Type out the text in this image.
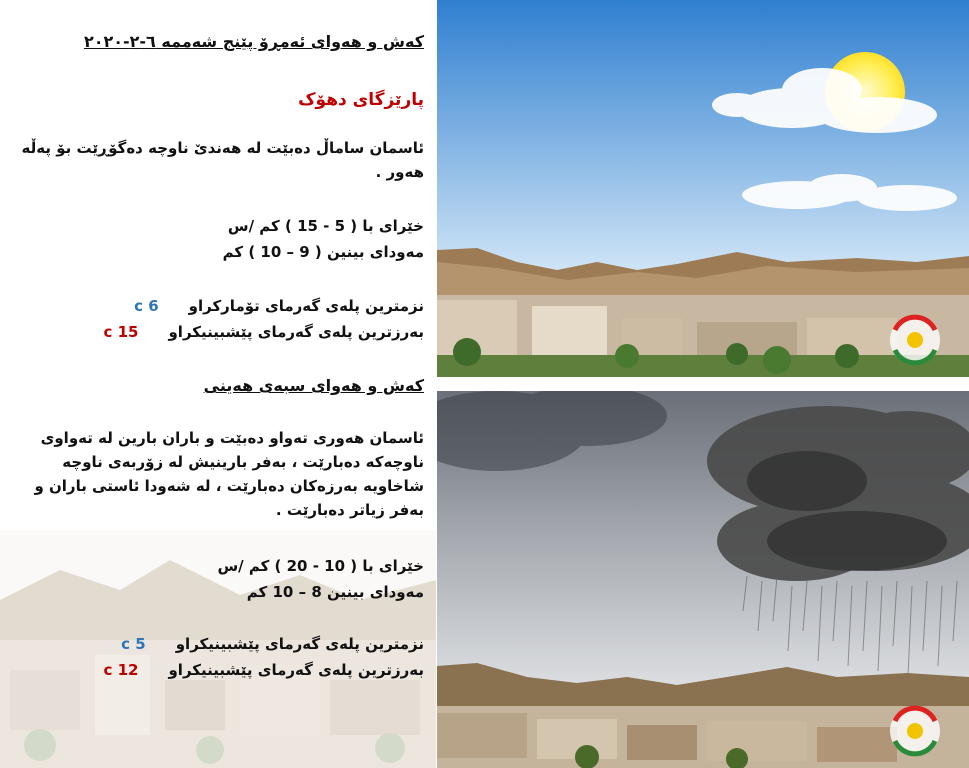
کەش و هەوای ئەمڕۆ پێنج شەممە ٦-٢-٢٠٢٠
پارێزگای دهۆک
ئاسمان ساماڵ دەبێت لە هەندێ ناوچە دەگۆڕێت بۆ پەڵە هەور .
خێرای با ( 5 - 15 ) کم /س
مەودای بینین ( 9 – 10 ) کم
نزمترین پلەی گەرمای تۆمارکراو
6 c
بەرزترین پلەی گەرمای پێشبینیکراو
15 c
کەش و هەوای سبەی هەینی
ئاسمان هەوری تەواو دەبێت و باران بارین لە تەواوی ناوچەکە دەبارێت ، بەفر بارینیش لە زۆربەی ناوچە شاخاویە بەرزەکان دەبارێت ، لە شەودا ئاستی باران و بەفر زیاتر دەبارێت .
خێرای با ( 10 - 20 ) کم /س
مەودای بینین 8 – 10 کم
نزمترین پلەی گەرمای پێشبینیکراو
5 c
بەرزترین پلەی گەرمای پێشبینیکراو
12 c
